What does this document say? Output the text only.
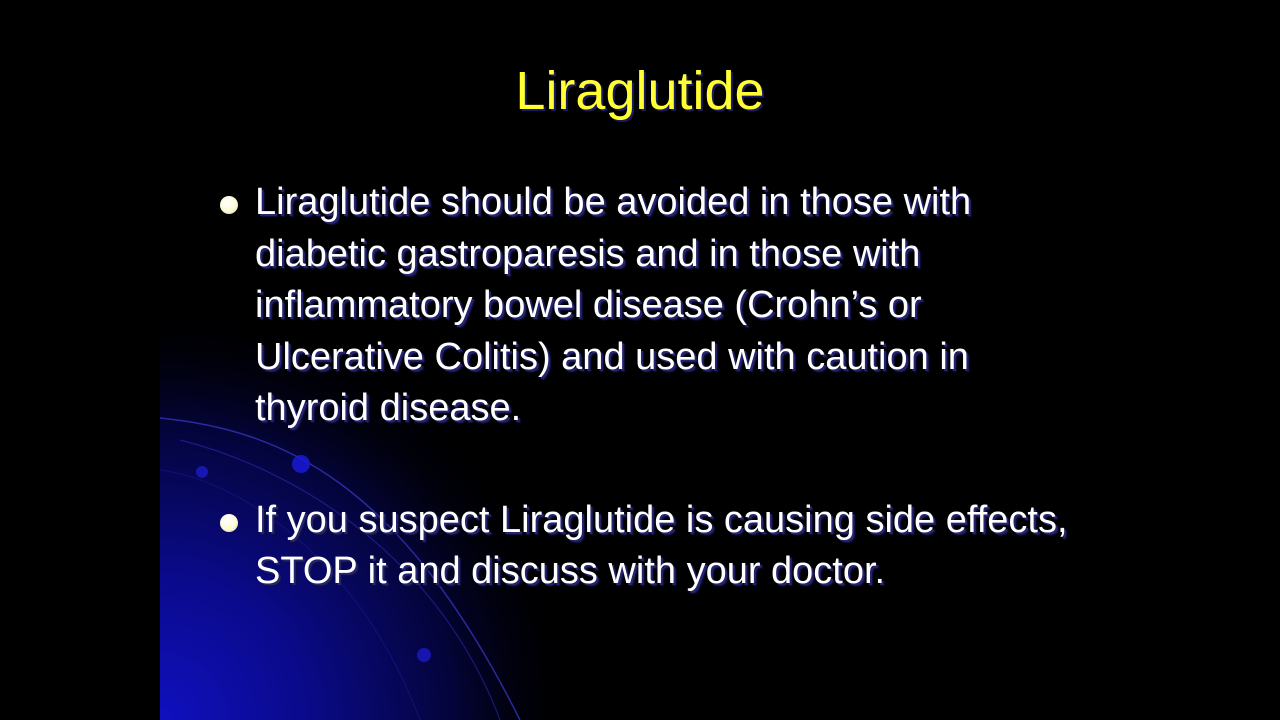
Liraglutide
Liraglutide should be avoided in those with diabetic gastroparesis and in those with inflammatory bowel disease (Crohn’s or Ulcerative Colitis) and used with caution in thyroid disease.
If you suspect Liraglutide is causing side effects, STOP it and discuss with your doctor.
